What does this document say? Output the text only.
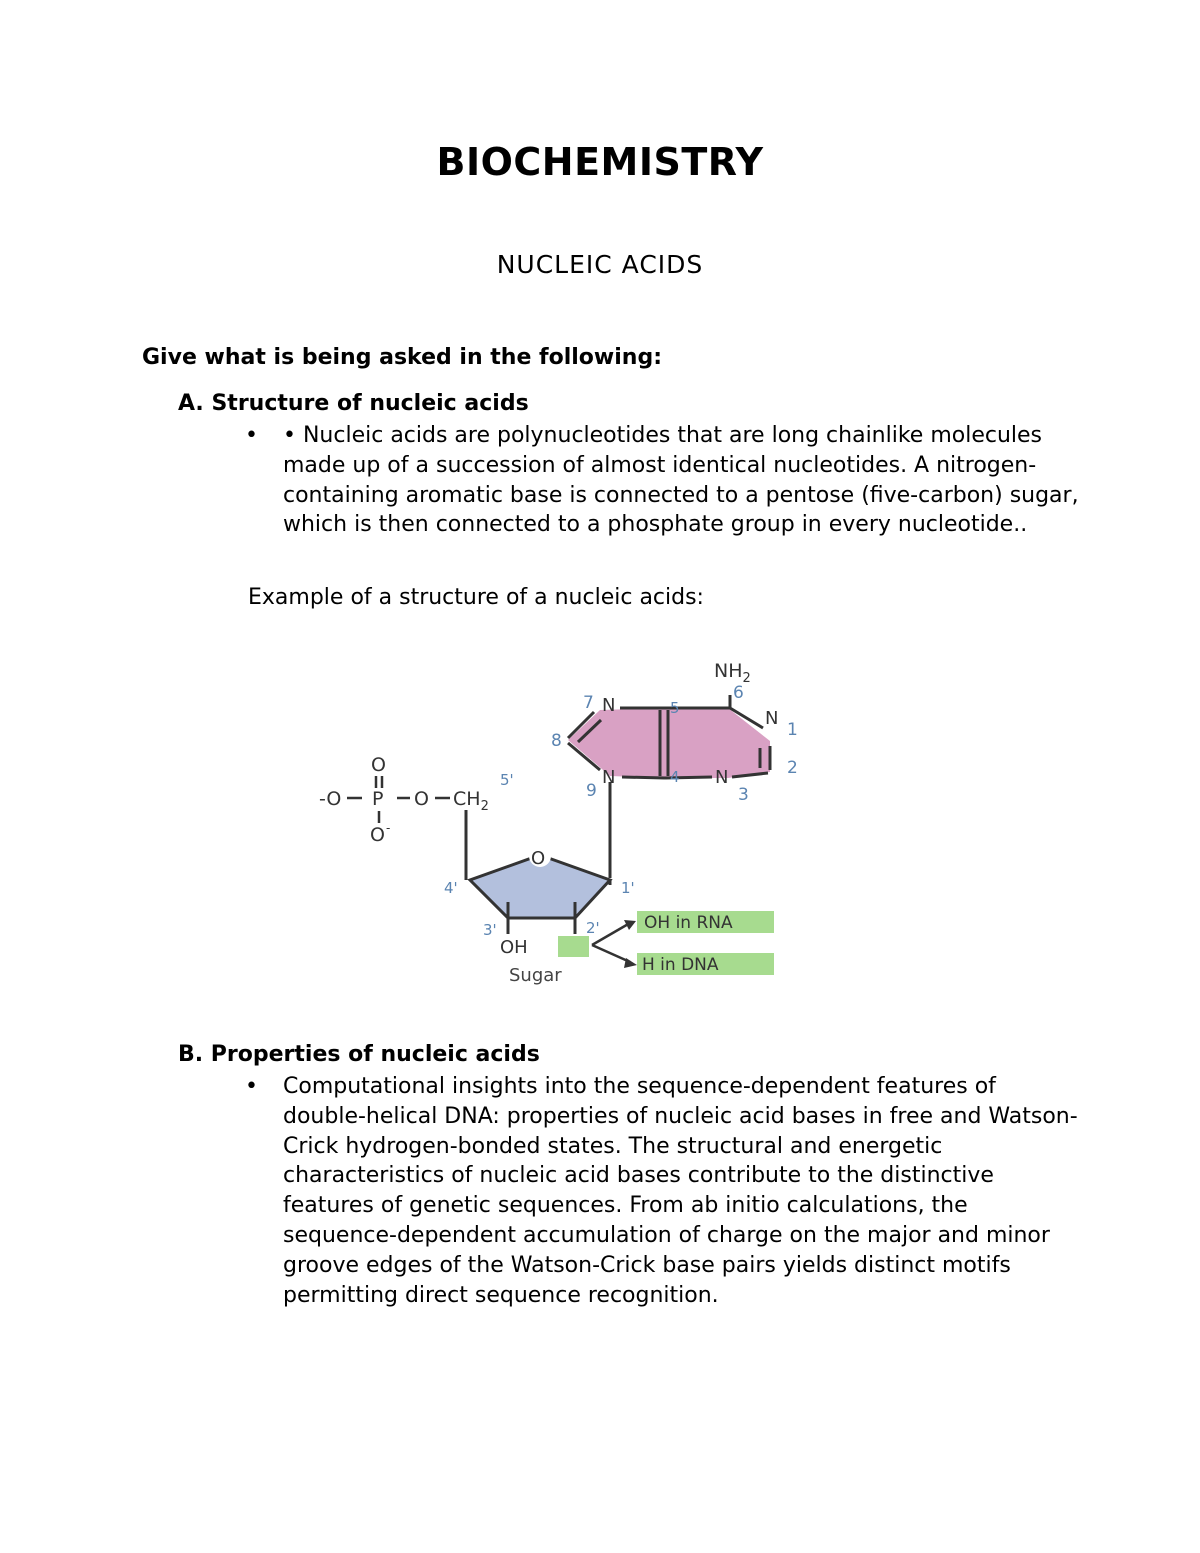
BIOCHEMISTRY
NUCLEIC ACIDS
Give what is being asked in the following:
A. Structure of nucleic acids
• • Nucleic acids are polynucleotides that are long chainlike molecules made up of a succession of almost identical nucleotides. A nitrogen-containing aromatic base is connected to a pentose (five-carbon) sugar, which is then connected to a phosphate group in every nucleotide..
Example of a structure of a nucleic acids:
OH in RNA
H in DNA
O
-O P O $CH_2$
O -
O
OH
Sugar
5'
4'
3'	2'
1'
$NH_2$
N
N
N
N
1
2
3
4
5
6
7
8
9
B. Properties of nucleic acids
• Computational insights into the sequence-dependent features of double-helical DNA: properties of nucleic acid bases in free and Watson-Crick hydrogen-bonded states. The structural and energetic characteristics of nucleic acid bases contribute to the distinctive features of genetic sequences. From ab initio calculations, the sequence-dependent accumulation of charge on the major and minor groove edges of the Watson-Crick base pairs yields distinct motifs permitting direct sequence recognition.
